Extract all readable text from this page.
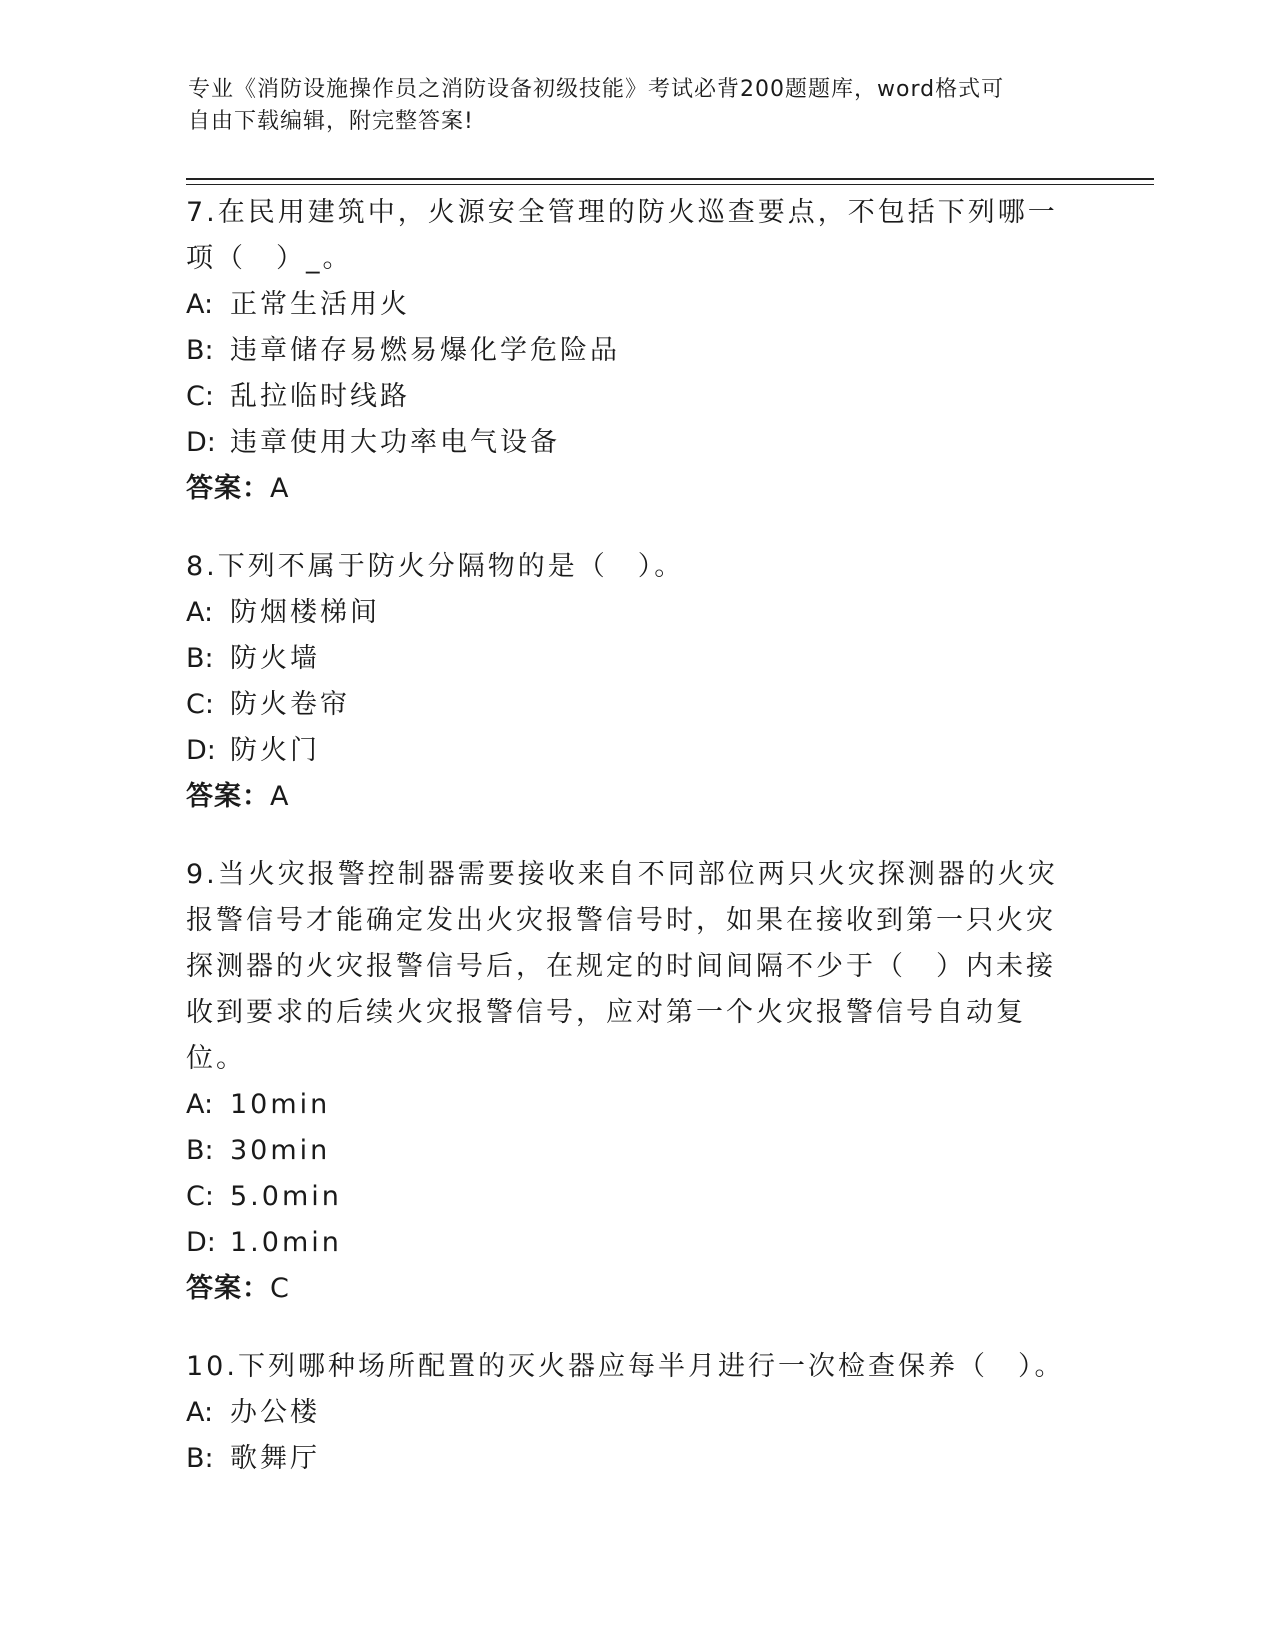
专业《消防设施操作员之消防设备初级技能》考试必背200题题库，word格式可
自由下载编辑，附完整答案!
7.在民用建筑中，火源安全管理的防火巡查要点，不包括下列哪一项（　）_。
A: 正常生活用火
B: 违章储存易燃易爆化学危险品
C: 乱拉临时线路
D: 违章使用大功率电气设备
答案：A
8.下列不属于防火分隔物的是（　）。
A: 防烟楼梯间
B: 防火墙
C: 防火卷帘
D: 防火门
答案：A
9.当火灾报警控制器需要接收来自不同部位两只火灾探测器的火灾报警信号才能确定发出火灾报警信号时，如果在接收到第一只火灾探测器的火灾报警信号后，在规定的时间间隔不少于（　）内未接收到要求的后续火灾报警信号，应对第一个火灾报警信号自动复位。
A: 10min
B: 30min
C: 5.0min
D: 1.0min
答案：C
10.下列哪种场所配置的灭火器应每半月进行一次检查保养（　）。
A: 办公楼
B: 歌舞厅
